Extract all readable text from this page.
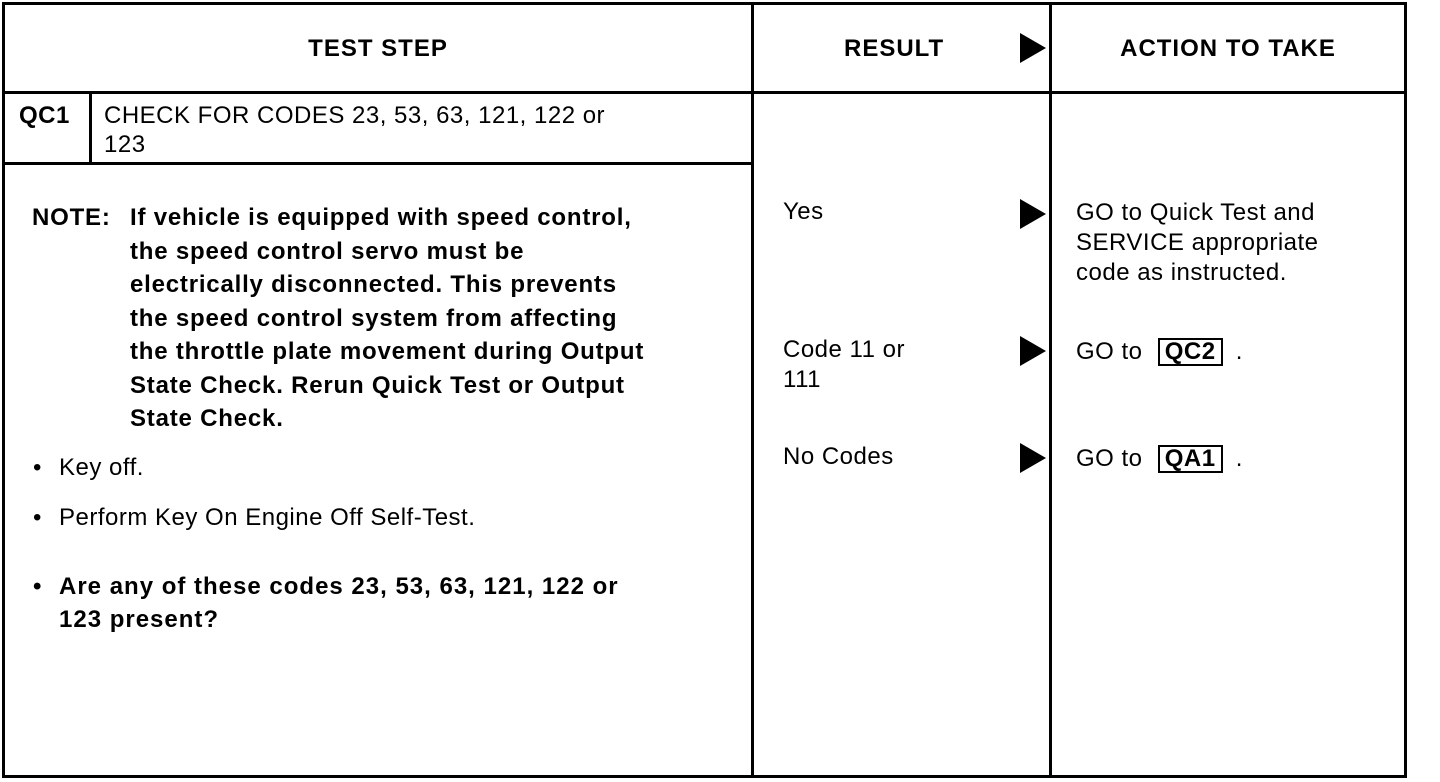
TEST STEP	RESULT	ACTION TO TAKE
QC1 CHECK FOR CODES 23, 53, 63, 121, 122 or
123
NOTE: If vehicle is equipped with speed control,
the speed control servo must be
electrically disconnected. This prevents
the speed control system from affecting
the throttle plate movement during Output
State Check. Rerun Quick Test or Output
State Check.
• Key off.
• Perform Key On Engine Off Self-Test.
• Are any of these codes 23, 53, 63, 121, 122 or
123 present?
Yes
Code 11 or
111
No Codes
GO to Quick Test and
SERVICE appropriate
code as instructed.
GO to QC2 .
GO to QA1 .
